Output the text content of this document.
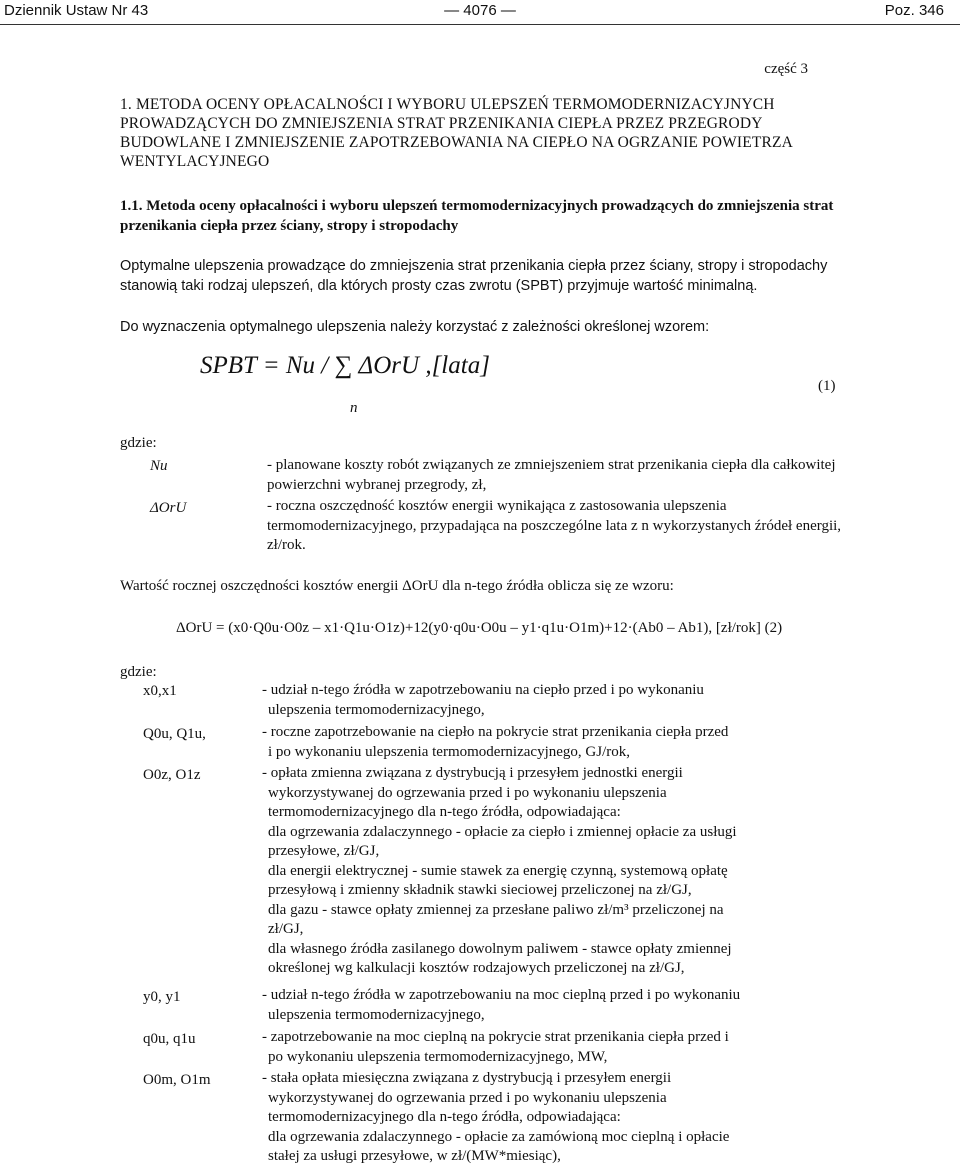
Dziennik Ustaw Nr 43	— 4076 —	Poz. 346
część 3
1. METODA OCENY OPŁACALNOŚCI I WYBORU ULEPSZEŃ TERMOMODERNIZACYJNYCH PROWADZĄCYCH DO ZMNIEJSZENIA STRAT PRZENIKANIA CIEPŁA PRZEZ PRZEGRODY BUDOWLANE I ZMNIEJSZENIE ZAPOTRZEBOWANIA NA CIEPŁO NA OGRZANIE POWIETRZA WENTYLACYJNEGO
1.1. Metoda oceny opłacalności i wyboru ulepszeń termomodernizacyjnych prowadzących do zmniejszenia strat przenikania ciepła przez ściany, stropy i stropodachy
Optymalne ulepszenia prowadzące do zmniejszenia strat przenikania ciepła przez ściany, stropy i stropodachy stanowią taki rodzaj ulepszeń, dla których prosty czas zwrotu (SPBT) przyjmuje wartość minimalną.
Do wyznaczenia optymalnego ulepszenia należy korzystać z zależności określonej wzorem:
SPBT = Nu / ∑ ΔOrU ,[lata]
n
(1)
gdzie:
Nu	- planowane koszty robót związanych ze zmniejszeniem strat przenikania ciepła dla całkowitej powierzchni wybranej przegrody, zł,
ΔOrU	- roczna oszczędność kosztów energii wynikająca z zastosowania ulepszenia termomodernizacyjnego, przypadająca na poszczególne lata z n wykorzystanych źródeł energii, zł/rok.
Wartość rocznej oszczędności kosztów energii ΔOrU dla n-tego źródła oblicza się ze wzoru:
ΔOrU = (x0·Q0u·O0z – x1·Q1u·O1z)+12(y0·q0u·O0u – y1·q1u·O1m)+12·(Ab0 – Ab1), [zł/rok] (2)
gdzie:
x0,x1	- udział n-tego źródła w zapotrzebowaniu na ciepło przed i po wykonaniu
ulepszenia termomodernizacyjnego,
Q0u, Q1u,	- roczne zapotrzebowanie na ciepło na pokrycie strat przenikania ciepła przed
i po wykonaniu ulepszenia termomodernizacyjnego, GJ/rok,
O0z, O1z	- opłata zmienna związana z dystrybucją i przesyłem jednostki energii
wykorzystywanej do ogrzewania przed i po wykonaniu ulepszenia
termomodernizacyjnego dla n-tego źródła, odpowiadająca:
dla ogrzewania zdalaczynnego - opłacie za ciepło i zmiennej opłacie za usługi
przesyłowe, zł/GJ,
dla energii elektrycznej - sumie stawek za energię czynną, systemową opłatę
przesyłową i zmienny składnik stawki sieciowej przeliczonej na zł/GJ,
dla gazu - stawce opłaty zmiennej za przesłane paliwo zł/m³ przeliczonej na
zł/GJ,
dla własnego źródła zasilanego dowolnym paliwem - stawce opłaty zmiennej
określonej wg kalkulacji kosztów rodzajowych przeliczonej na zł/GJ,
y0, y1	- udział n-tego źródła w zapotrzebowaniu na moc cieplną przed i po wykonaniu
ulepszenia termomodernizacyjnego,
q0u, q1u	- zapotrzebowanie na moc cieplną na pokrycie strat przenikania ciepła przed i
po wykonaniu ulepszenia termomodernizacyjnego, MW,
O0m, O1m	- stała opłata miesięczna związana z dystrybucją i przesyłem energii
wykorzystywanej do ogrzewania przed i po wykonaniu ulepszenia
termomodernizacyjnego dla n-tego źródła, odpowiadająca:
dla ogrzewania zdalaczynnego - opłacie za zamówioną moc cieplną i opłacie
stałej za usługi przesyłowe, w zł/(MW*miesiąc),
